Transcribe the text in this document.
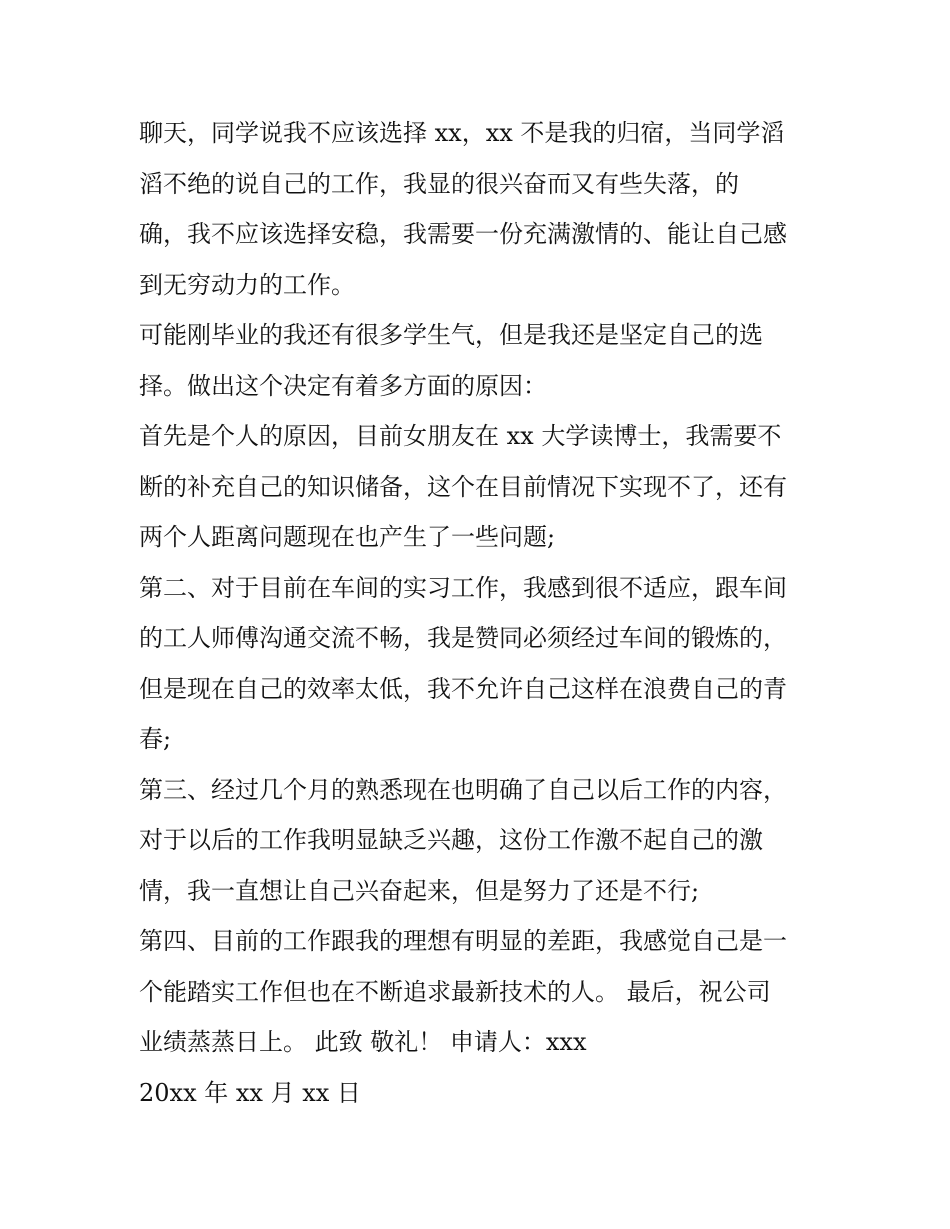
聊天，同学说我不应该选择 xx，xx 不是我的归宿，当同学滔
滔不绝的说自己的工作，我显的很兴奋而又有些失落，的
确，我不应该选择安稳，我需要一份充满激情的、能让自己感
到无穷动力的工作。
可能刚毕业的我还有很多学生气，但是我还是坚定自己的选
择。做出这个决定有着多方面的原因：
首先是个人的原因，目前女朋友在 xx 大学读博士，我需要不
断的补充自己的知识储备，这个在目前情况下实现不了，还有
两个人距离问题现在也产生了一些问题;
第二、对于目前在车间的实习工作，我感到很不适应，跟车间
的工人师傅沟通交流不畅，我是赞同必须经过车间的锻炼的，
但是现在自己的效率太低，我不允许自己这样在浪费自己的青
春;
第三、经过几个月的熟悉现在也明确了自己以后工作的内容，
对于以后的工作我明显缺乏兴趣，这份工作激不起自己的激
情，我一直想让自己兴奋起来，但是努力了还是不行;
第四、目前的工作跟我的理想有明显的差距，我感觉自己是一
个能踏实工作但也在不断追求最新技术的人。 最后，祝公司
业绩蒸蒸日上。 此致 敬礼！ 申请人：xxx
20xx 年 xx 月 xx 日
